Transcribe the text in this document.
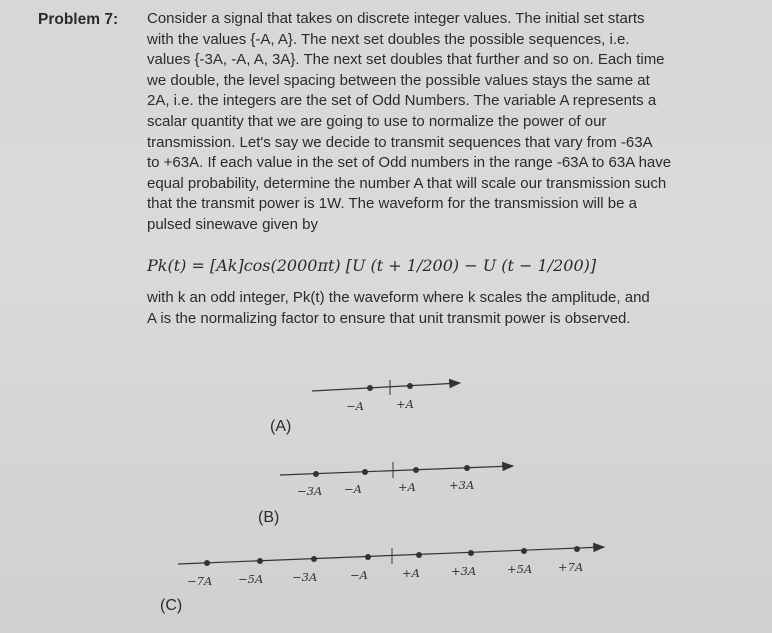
Problem 7: Consider a signal that takes on discrete integer values. The initial set starts
with the values {-A, A}. The next set doubles the possible sequences, i.e.
values {-3A, -A, A, 3A}. The next set doubles that further and so on. Each time
we double, the level spacing between the possible values stays the same at
2A, i.e. the integers are the set of Odd Numbers. The variable A represents a
scalar quantity that we are going to use to normalize the power of our
transmission. Let's say we decide to transmit sequences that vary from -63A
to +63A. If each value in the set of Odd numbers in the range -63A to 63A have
equal probability, determine the number A that will scale our transmission such
that the transmit power is 1W. The waveform for the transmission will be a
pulsed sinewave given by
Pk(t) = [Ak]cos(2000πt) [U (t + 1/200) − U (t − 1/200)]
with k an odd integer, Pk(t) the waveform where k scales the amplitude, and
A is the normalizing factor to ensure that unit transmit power is observed.
(A)
(B)
(C)
−A	+A
−3A −A	+A	+3A
−7A −5A −3A	−A	+A	+3A	+5A +7A
